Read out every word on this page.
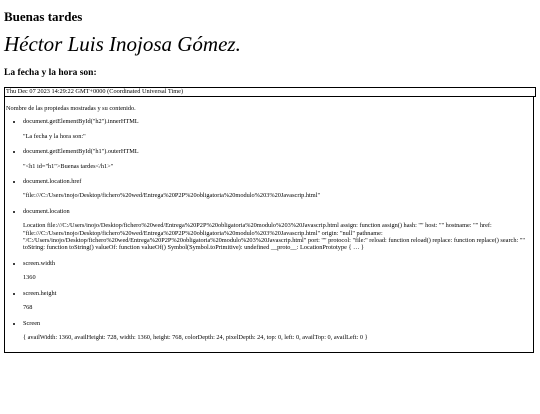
Buenas tardes
Héctor Luis Inojosa Gómez.
La fecha y la hora son:
Thu Dec 07 2023 14:29:22 GMT+0000 (Coordinated Universal Time)
Nombre de las propiedas mostradas y su contenido.
• document.getElementById("h2").innerHTML
"La fecha y la hora son:"
• document.getElementById("h1").outerHTML
"<h1 id="h1">Buenas tardes</h1>"
• document.location.href
"file:///C:/Users/inojo/Desktop/fichero%20wed/Entrega%20P2P%20obligatoria%20modulo%203%20Javascrip.html"
• document.location
Location file:///C:/Users/inojo/Desktop/fichero%20wed/Entrega%20P2P%20obligatoria%20modulo%203%20Javascrip.html assign: function assign() hash: "" host: "" hostname: "" href: "file:///C:/Users/inojo/Desktop/fichero%20wed/Entrega%20P2P%20obligatoria%20modulo%203%20Javascrip.html" origin: "null" pathname: "/C:/Users/inojo/Desktop/fichero%20wed/Entrega%20P2P%20obligatoria%20modulo%203%20Javascrip.html" port: "" protocol: "file:" reload: function reload() replace: function replace() search: "" toString: function toString() valueOf: function valueOf() Symbol(Symbol.toPrimitive): undefined __proto__: LocationPrototype { … }
• screen.width
1360
• screen.height
768
• Screen
{ availWidth: 1360, availHeight: 728, width: 1360, height: 768, colorDepth: 24, pixelDepth: 24, top: 0, left: 0, availTop: 0, availLeft: 0 }
